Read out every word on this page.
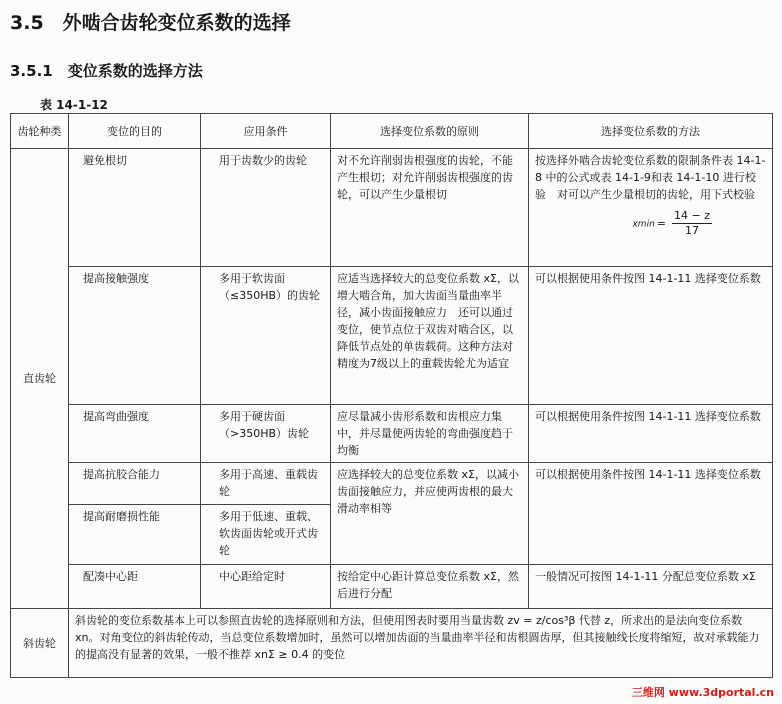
3.5　外啮合齿轮变位系数的选择
3.5.1　变位系数的选择方法
表 14-1-12
齿轮种类	变位的目的	应用条件	选择变位系数的原则	选择变位系数的方法
直齿轮	避免根切	用于齿数少的齿轮	对不允许削弱齿根强度的齿轮，不能产生根切；对允许削弱齿根强度的齿轮，可以产生少量根切	按选择外啮合齿轮变位系数的限制条件表 14-1-8 中的公式或表 14-1-9和表 14-1-10 进行校验　对可以产生少量根切的齿轮，用下式校验
$xmin = \frac{14 - z}{17}$

	提高接触强度	多用于软齿面（≤350HB）的齿轮	应适当选择较大的总变位系数 xΣ，以增大啮合角，加大齿面当量曲率半径，减小齿面接触应力　还可以通过变位，使节点位于双齿对啮合区，以降低节点处的单齿载荷。这种方法对精度为7级以上的重载齿轮尤为适宜	可以根据使用条件按图 14-1-11 选择变位系数
	提高弯曲强度	多用于硬齿面（>350HB）齿轮	应尽量减小齿形系数和齿根应力集中，并尽量使两齿轮的弯曲强度趋于均衡	可以根据使用条件按图 14-1-11 选择变位系数
	提高抗胶合能力	多用于高速、重载齿轮	应选择较大的总变位系数 xΣ，以减小齿面接触应力，并应使两齿根的最大滑动率相等	可以根据使用条件按图 14-1-11 选择变位系数
	提高耐磨损性能	多用于低速、重载、软齿面齿轮或开式齿轮		
	配凑中心距	中心距给定时	按给定中心距计算总变位系数 xΣ，然后进行分配	一般情况可按图 14-1-11 分配总变位系数 xΣ
斜齿轮	斜齿轮的变位系数基本上可以参照直齿轮的选择原则和方法，但使用图表时要用当量齿数 zv = z/cos³β 代替 z，所求出的是法向变位系数 xn。对角变位的斜齿轮传动，当总变位系数增加时，虽然可以增加齿面的当量曲率半径和齿根圆齿厚，但其接触线长度将缩短，故对承载能力的提高没有显著的效果，一般不推荐 xnΣ ≥ 0.4 的变位			
三维网 www.3dportal.cn
